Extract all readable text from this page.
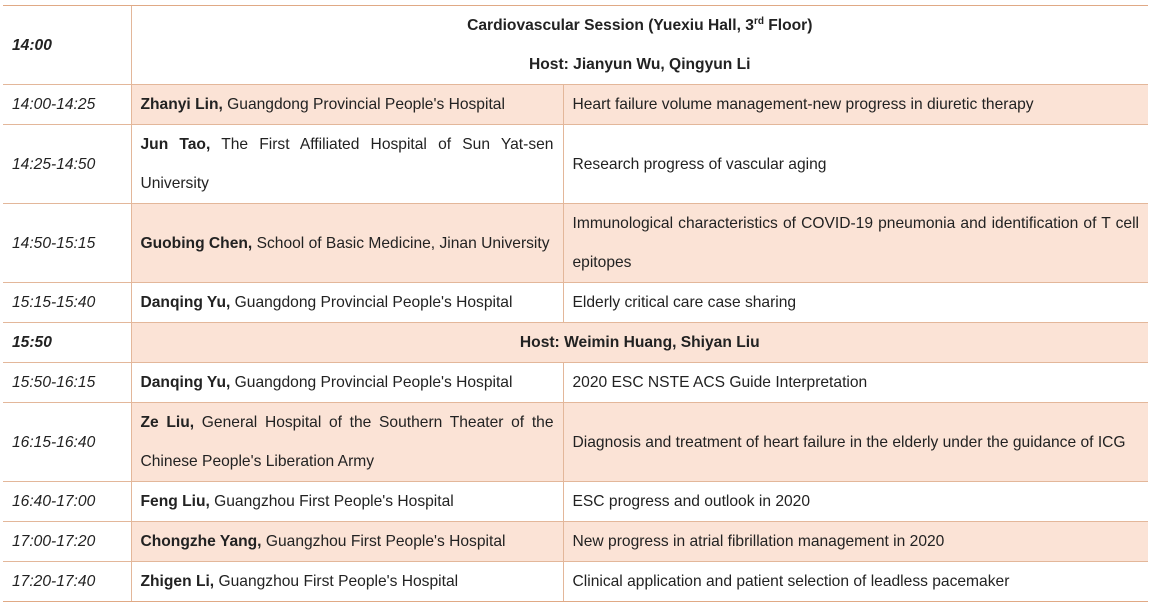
14:00	Cardiovascular Session (Yuexiu Hall, 3rd Floor)
Host: Jianyun Wu, Qingyun Li	

14:00-14:25	Zhanyi Lin, Guangdong Provincial People's Hospital	Heart failure volume management-new progress in diuretic therapy
14:25-14:50	Jun Tao, The First Affiliated Hospital of Sun Yat-sen University	Research progress of vascular aging
14:50-15:15	Guobing Chen, School of Basic Medicine, Jinan University	Immunological characteristics of COVID-19 pneumonia and identification of T cell epitopes
15:15-15:40	Danqing Yu, Guangdong Provincial People's Hospital	Elderly critical care case sharing
15:50	Host: Weimin Huang, Shiyan Liu	
15:50-16:15	Danqing Yu, Guangdong Provincial People's Hospital	2020 ESC NSTE ACS Guide Interpretation
16:15-16:40	Ze Liu, General Hospital of the Southern Theater of the Chinese People's Liberation Army	Diagnosis and treatment of heart failure in the elderly under the guidance of ICG
16:40-17:00	Feng Liu, Guangzhou First People's Hospital	ESC progress and outlook in 2020
17:00-17:20	Chongzhe Yang, Guangzhou First People's Hospital	New progress in atrial fibrillation management in 2020
17:20-17:40	Zhigen Li, Guangzhou First People's Hospital	Clinical application and patient selection of leadless pacemaker
